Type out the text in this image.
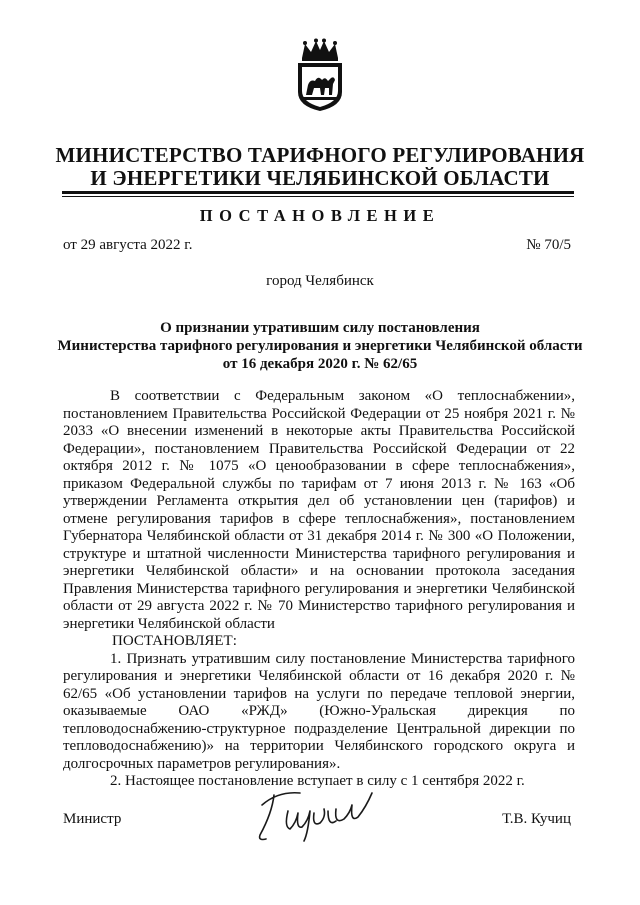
МИНИСТЕРСТВО ТАРИФНОГО РЕГУЛИРОВАНИЯ
И ЭНЕРГЕТИКИ ЧЕЛЯБИНСКОЙ ОБЛАСТИ
ПОСТАНОВЛЕНИЕ
от 29 августа 2022 г.	№ 70/5
город Челябинск
О признании утратившим силу постановления
Министерства тарифного регулирования и энергетики Челябинской области
от 16 декабря 2020 г. № 62/65

В соответствии с Федеральным законом «О теплоснабжении», постановлением Правительства Российской Федерации от 25 ноября 2021 г. № 2033 «О внесении изменений в некоторые акты Правительства Российской Федерации», постановлением Правительства Российской Федерации от 22 октября 2012 г. № 1075 «О ценообразовании в сфере теплоснабжения», приказом Федеральной службы по тарифам от 7 июня 2013 г. № 163 «Об утверждении Регламента открытия дел об установлении цен (тарифов) и отмене регулирования тарифов в сфере теплоснабжения», постановлением Губернатора Челябинской области от 31 декабря 2014 г. № 300 «О Положении, структуре и штатной численности Министерства тарифного регулирования и энергетики Челябинской области» и на основании протокола заседания Правления Министерства тарифного регулирования и энергетики Челябинской области от 29 августа 2022 г. № 70 Министерство тарифного регулирования и энергетики Челябинской области

ПОСТАНОВЛЯЕТ:

1. Признать утратившим силу постановление Министерства тарифного регулирования и энергетики Челябинской области от 16 декабря 2020 г. № 62/65 «Об установлении тарифов на услуги по передаче тепловой энергии, оказываемые ОАО «РЖД» (Южно-Уральская дирекция по тепловодоснабжению-структурное подразделение Центральной дирекции по тепловодоснабжению)» на территории Челябинского городского округа и долгосрочных параметров регулирования».

2. Настоящее постановление вступает в силу с 1 сентября 2022 г.

Министр	Т.В. Кучиц
